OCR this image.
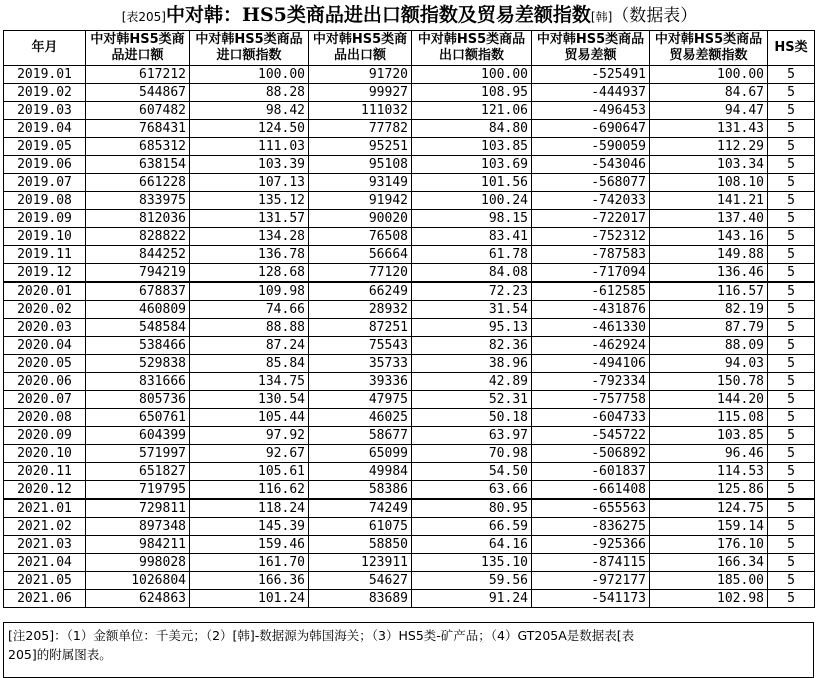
[表205]中对韩：HS5类商品进出口额指数及贸易差额指数[韩]（数据表）
年月	中对韩HS5类商品进口额	中对韩HS5类商品进口额指数	中对韩HS5类商品出口额	中对韩HS5类商品出口额指数	中对韩HS5类商品贸易差额	中对韩HS5类商品贸易差额指数	HS类
2019.01	617212	100.00	91720	100.00	-525491	100.00	5
2019.02	544867	88.28	99927	108.95	-444937	84.67	5
2019.03	607482	98.42	111032	121.06	-496453	94.47	5
2019.04	768431	124.50	77782	84.80	-690647	131.43	5
2019.05	685312	111.03	95251	103.85	-590059	112.29	5
2019.06	638154	103.39	95108	103.69	-543046	103.34	5
2019.07	661228	107.13	93149	101.56	-568077	108.10	5
2019.08	833975	135.12	91942	100.24	-742033	141.21	5
2019.09	812036	131.57	90020	98.15	-722017	137.40	5
2019.10	828822	134.28	76508	83.41	-752312	143.16	5
2019.11	844252	136.78	56664	61.78	-787583	149.88	5
2019.12	794219	128.68	77120	84.08	-717094	136.46	5
2020.01	678837	109.98	66249	72.23	-612585	116.57	5
2020.02	460809	74.66	28932	31.54	-431876	82.19	5
2020.03	548584	88.88	87251	95.13	-461330	87.79	5
2020.04	538466	87.24	75543	82.36	-462924	88.09	5
2020.05	529838	85.84	35733	38.96	-494106	94.03	5
2020.06	831666	134.75	39336	42.89	-792334	150.78	5
2020.07	805736	130.54	47975	52.31	-757758	144.20	5
2020.08	650761	105.44	46025	50.18	-604733	115.08	5
2020.09	604399	97.92	58677	63.97	-545722	103.85	5
2020.10	571997	92.67	65099	70.98	-506892	96.46	5
2020.11	651827	105.61	49984	54.50	-601837	114.53	5
2020.12	719795	116.62	58386	63.66	-661408	125.86	5
2021.01	729811	118.24	74249	80.95	-655563	124.75	5
2021.02	897348	145.39	61075	66.59	-836275	159.14	5
2021.03	984211	159.46	58850	64.16	-925366	176.10	5
2021.04	998028	161.70	123911	135.10	-874115	166.34	5
2021.05	1026804	166.36	54627	59.56	-972177	185.00	5
2021.06	624863	101.24	83689	91.24	-541173	102.98	5
[注205]：（1）金额单位：千美元；（2）[韩]-数据源为韩国海关；（3）HS5类-矿产品；（4）GT205A是数据表[表
205]的附属图表。
